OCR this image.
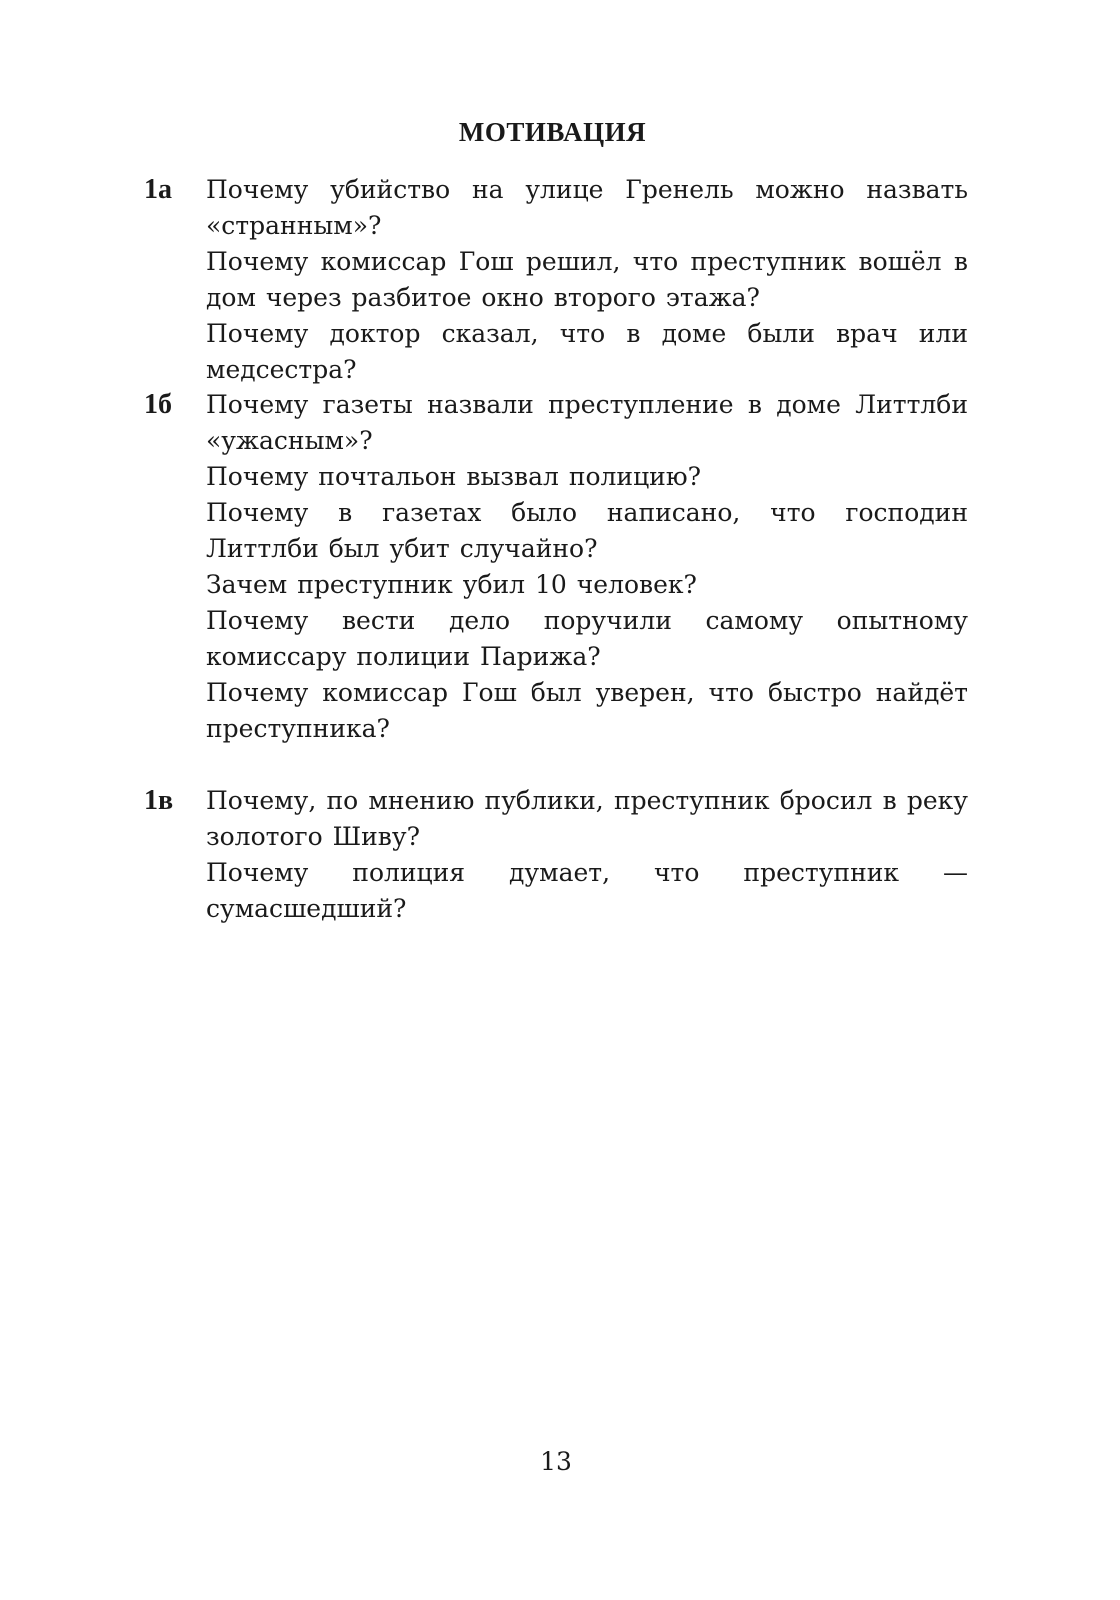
МОТИВАЦИЯ
1а	Почему убийство на улице Гренель можно назвать «странным»?
Почему комиссар Гош решил, что преступник вошёл в дом через разбитое окно второго этажа?
Почему доктор сказал, что в доме были врач или медсестра?
1б	Почему газеты назвали преступление в доме Литтлби «ужасным»?
Почему почтальон вызвал полицию?
Почему в газетах было написано, что господин Литтлби был убит случайно?
Зачем преступник убил 10 человек?
Почему вести дело поручили самому опытному комиссару полиции Парижа?
Почему комиссар Гош был уверен, что быстро найдёт преступника?
1в	Почему, по мнению публики, преступник бросил в реку золотого Шиву?
Почему полиция думает, что преступник — сумасшедший?
13
